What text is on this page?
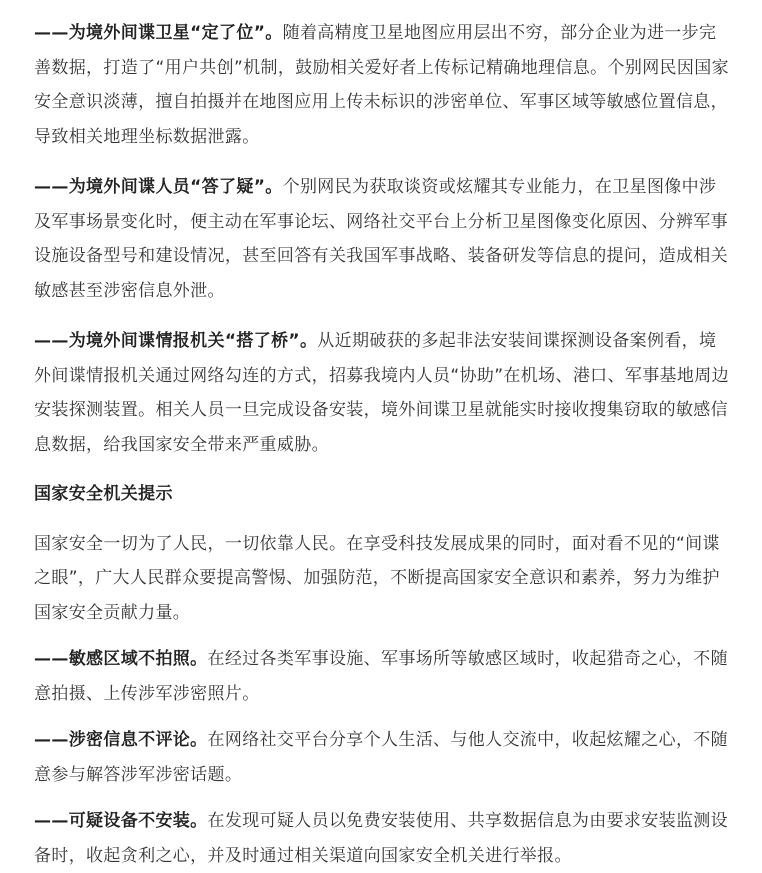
——为境外间谍卫星“定了位”。随着高精度卫星地图应用层出不穷，部分企业为进一步完善数据，打造了“用户共创”机制，鼓励相关爱好者上传标记精确地理信息。个别网民因国家安全意识淡薄，擅自拍摄并在地图应用上传未标识的涉密单位、军事区域等敏感位置信息，导致相关地理坐标数据泄露。

——为境外间谍人员“答了疑”。个别网民为获取谈资或炫耀其专业能力，在卫星图像中涉及军事场景变化时，便主动在军事论坛、网络社交平台上分析卫星图像变化原因、分辨军事设施设备型号和建设情况，甚至回答有关我国军事战略、装备研发等信息的提问，造成相关敏感甚至涉密信息外泄。

——为境外间谍情报机关“搭了桥”。从近期破获的多起非法安装间谍探测设备案例看，境外间谍情报机关通过网络勾连的方式，招募我境内人员“协助”在机场、港口、军事基地周边安装探测装置。相关人员一旦完成设备安装，境外间谍卫星就能实时接收搜集窃取的敏感信息数据，给我国家安全带来严重威胁。

国家安全机关提示

国家安全一切为了人民，一切依靠人民。在享受科技发展成果的同时，面对看不见的“间谍之眼”，广大人民群众要提高警惕、加强防范，不断提高国家安全意识和素养，努力为维护国家安全贡献力量。

——敏感区域不拍照。在经过各类军事设施、军事场所等敏感区域时，收起猎奇之心，不随意拍摄、上传涉军涉密照片。

——涉密信息不评论。在网络社交平台分享个人生活、与他人交流中，收起炫耀之心，不随意参与解答涉军涉密话题。

——可疑设备不安装。在发现可疑人员以免费安装使用、共享数据信息为由要求安装监测设备时，收起贪利之心，并及时通过相关渠道向国家安全机关进行举报。
